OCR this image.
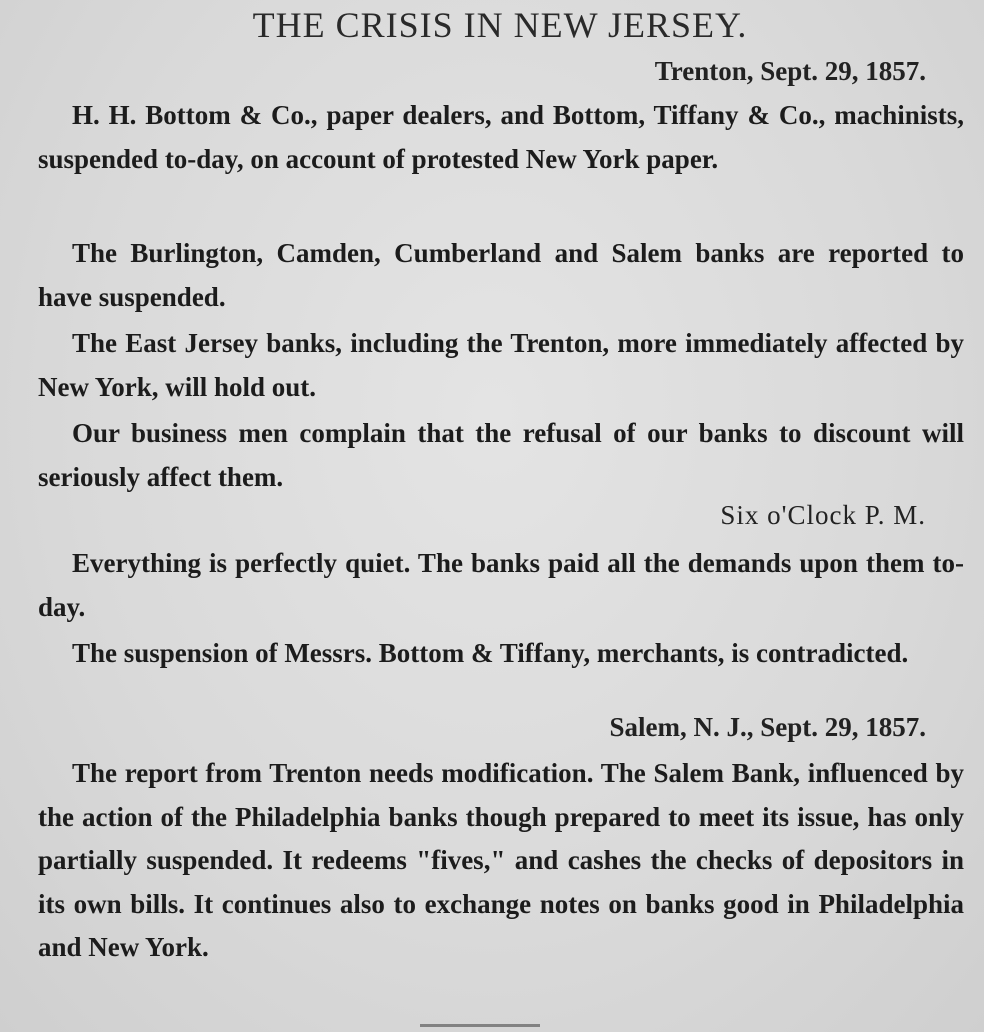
THE CRISIS IN NEW JERSEY.
Trenton, Sept. 29, 1857.
H. H. Bottom & Co., paper dealers, and Bottom, Tiffany & Co., machinists, suspended to-day, on account of protested New York paper.
The Burlington, Camden, Cumberland and Salem banks are reported to have suspended.
The East Jersey banks, including the Trenton, more immediately affected by New York, will hold out.
Our business men complain that the refusal of our banks to discount will seriously affect them.
Six o'Clock P. M.
Everything is perfectly quiet. The banks paid all the demands upon them to-day.
The suspension of Messrs. Bottom & Tiffany, merchants, is contradicted.
Salem, N. J., Sept. 29, 1857.
The report from Trenton needs modification. The Salem Bank, influenced by the action of the Philadelphia banks though prepared to meet its issue, has only partially suspended. It redeems "fives," and cashes the checks of depositors in its own bills. It continues also to exchange notes on banks good in Philadelphia and New York.
